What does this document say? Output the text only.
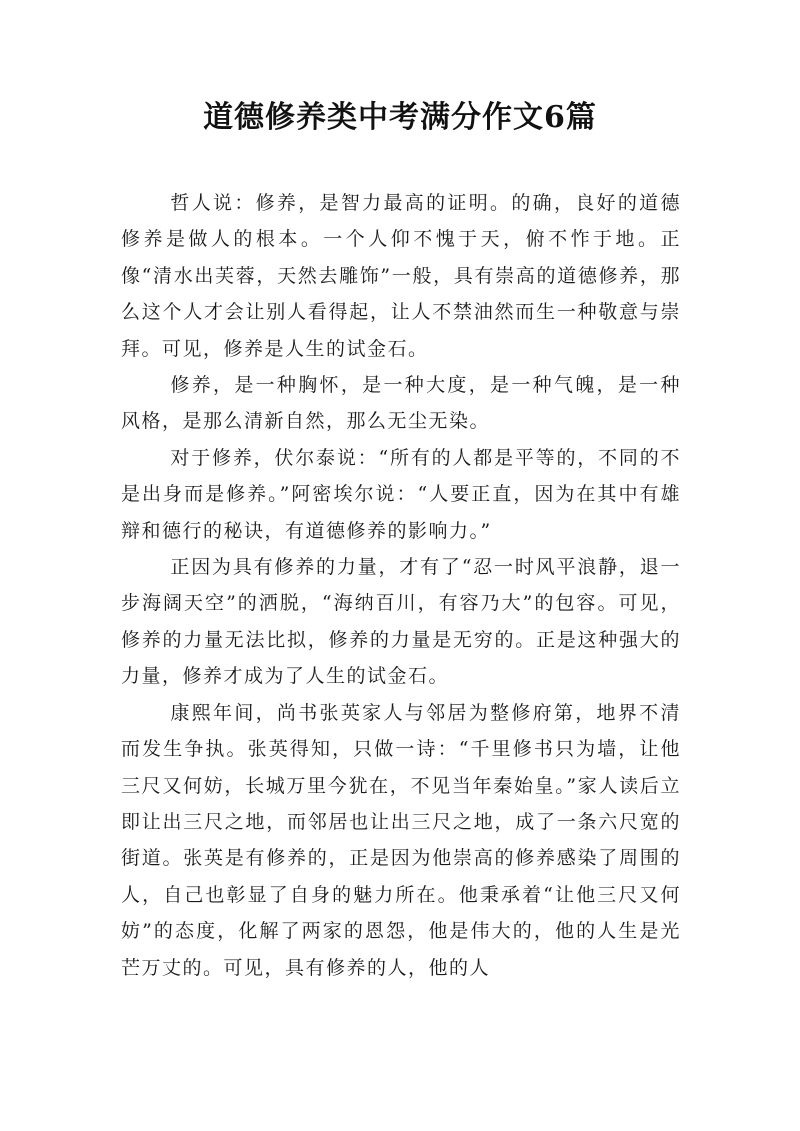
道德修养类中考满分作文6篇

哲人说：修养，是智力最高的证明。的确，良好的道德修养是做人的根本。一个人仰不愧于天，俯不怍于地。正像“清水出芙蓉，天然去雕饰”一般，具有崇高的道德修养，那么这个人才会让别人看得起，让人不禁油然而生一种敬意与崇拜。可见，修养是人生的试金石。

修养，是一种胸怀，是一种大度，是一种气魄，是一种风格，是那么清新自然，那么无尘无染。

对于修养，伏尔泰说：“所有的人都是平等的，不同的不是出身而是修养。”阿密埃尔说：“人要正直，因为在其中有雄辩和德行的秘诀，有道德修养的影响力。”

正因为具有修养的力量，才有了“忍一时风平浪静，退一步海阔天空”的洒脱，“海纳百川，有容乃大”的包容。可见，修养的力量无法比拟，修养的力量是无穷的。正是这种强大的力量，修养才成为了人生的试金石。

康熙年间，尚书张英家人与邻居为整修府第，地界不清而发生争执。张英得知，只做一诗：“千里修书只为墙，让他三尺又何妨，长城万里今犹在，不见当年秦始皇。”家人读后立即让出三尺之地，而邻居也让出三尺之地，成了一条六尺宽的街道。张英是有修养的，正是因为他崇高的修养感染了周围的人，自己也彰显了自身的魅力所在。他秉承着“让他三尺又何妨”的态度，化解了两家的恩怨，他是伟大的，他的人生是光芒万丈的。可见，具有修养的人，他的人
